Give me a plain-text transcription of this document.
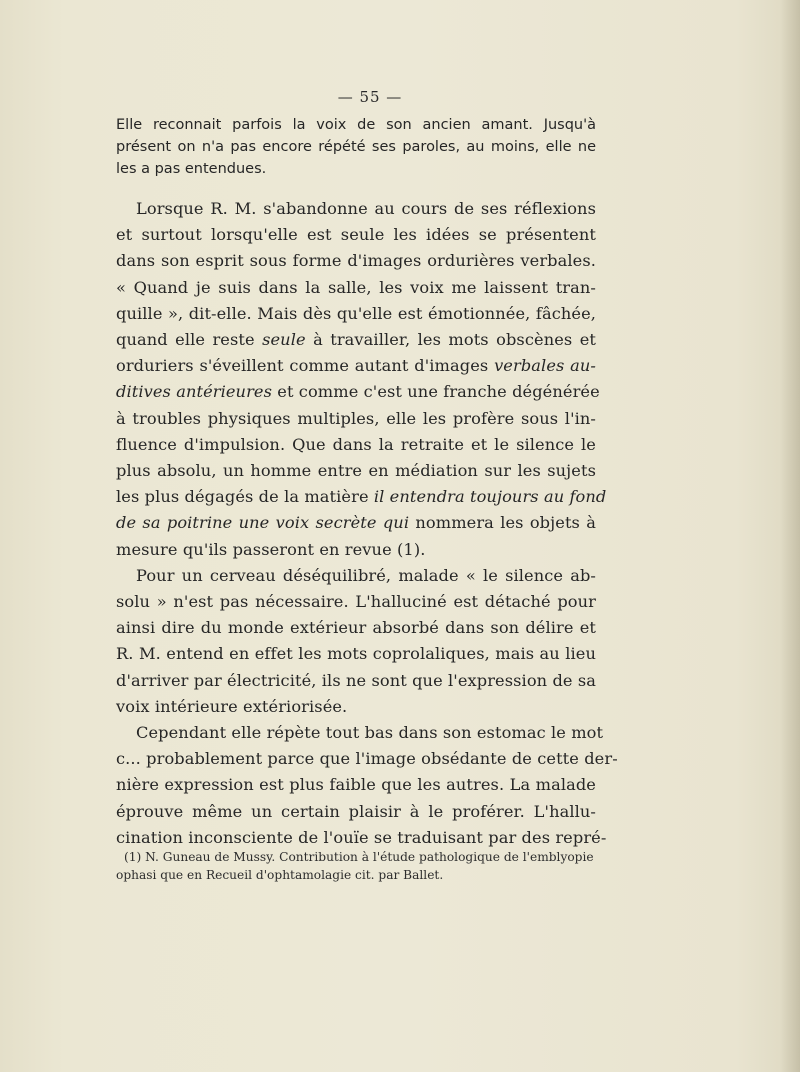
— 55 —
Elle reconnait parfois la voix de son ancien amant. Jusqu'à
présent on n'a pas encore répété ses paroles, au moins, elle ne
les a pas entendues.
Lorsque R. M. s'abandonne au cours de ses réflexions
et surtout lorsqu'elle est seule les idées se présentent
dans son esprit sous forme d'images ordurières verbales.
« Quand je suis dans la salle, les voix me laissent tran-
quille », dit-elle. Mais dès qu'elle est émotionnée, fâchée,
quand elle reste seule à travailler, les mots obscènes et
orduriers s'éveillent comme autant d'images verbales au-
ditives antérieures et comme c'est une franche dégénérée
à troubles physiques multiples, elle les profère sous l'in-
fluence d'impulsion. Que dans la retraite et le silence le
plus absolu, un homme entre en médiation sur les sujets
les plus dégagés de la matière il entendra toujours au fond
de sa poitrine une voix secrète qui nommera les objets à
mesure qu'ils passeront en revue (1).
Pour un cerveau déséquilibré, malade « le silence ab-
solu » n'est pas nécessaire. L'halluciné est détaché pour
ainsi dire du monde extérieur absorbé dans son délire et
R. M. entend en effet les mots coprolaliques, mais au lieu
d'arriver par électricité, ils ne sont que l'expression de sa
voix intérieure extériorisée.
Cependant elle répète tout bas dans son estomac le mot
c... probablement parce que l'image obsédante de cette der-
nière expression est plus faible que les autres. La malade
éprouve même un certain plaisir à le proférer. L'hallu-
cination inconsciente de l'ouïe se traduisant par des repré-
(1) N. Guneau de Mussy. Contribution à l'étude pathologique de l'emblyopie
ophasi que en Recueil d'ophtamolagie cit. par Ballet.
